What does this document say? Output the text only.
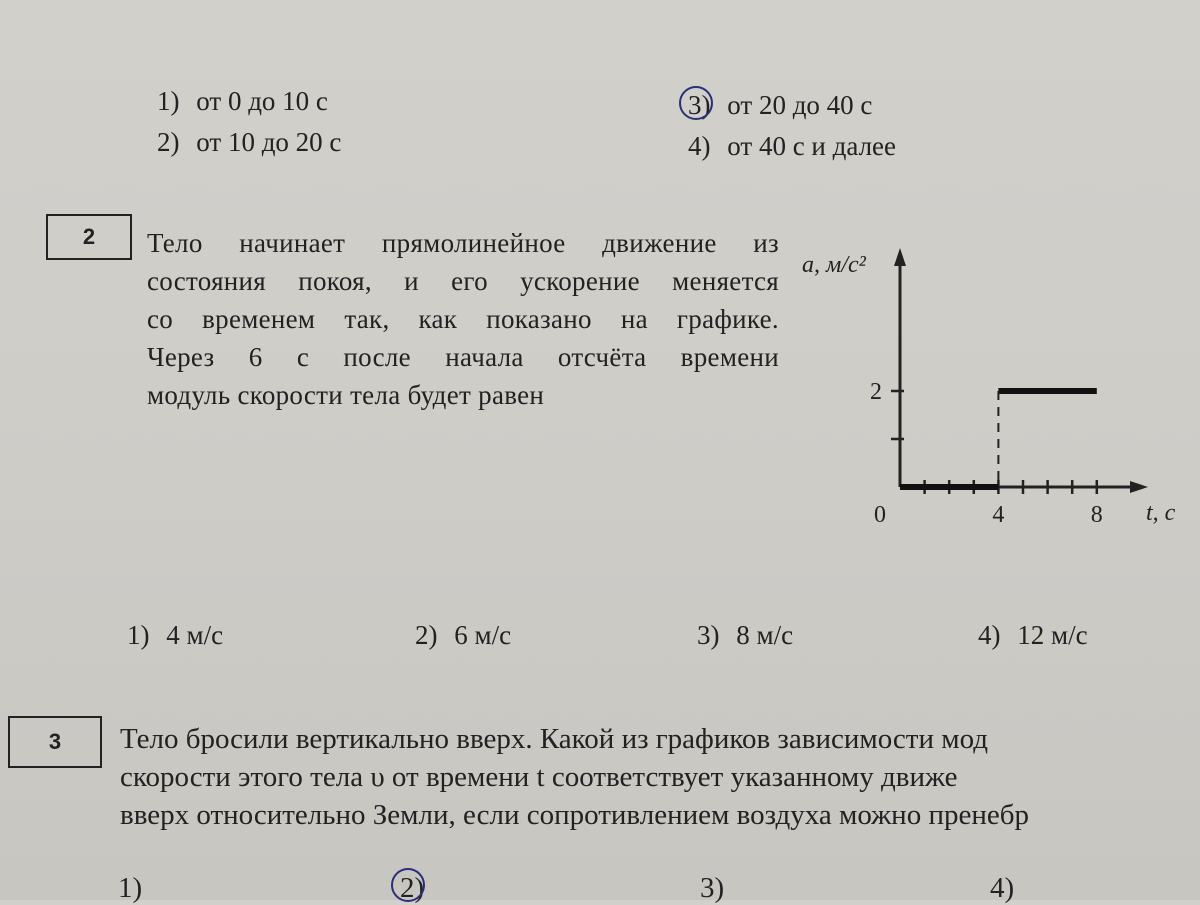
1) от 0 до 10 с
2) от 10 до 20 с
3) от 20 до 40 с
4) от 40 с и далее
2 Тело начинает прямолинейное движение из

состояния покоя, и его ускорение меняется

со временем так, как показано на графике.

Через 6 с после начала отсчёта времени

модуль скорости тела будет равен

a, м/с²
t, с
0	4	8
2
1) 4 м/с	2) 6 м/с	3) 8 м/с	4) 12 м/с
3 Тело бросили вертикально вверх. Какой из графиков зависимости мод

скорости этого тела υ от времени t соответствует указанному движе

вверх относительно Земли, если сопротивлением воздуха можно пренебр

1)	2)	3)	4)
